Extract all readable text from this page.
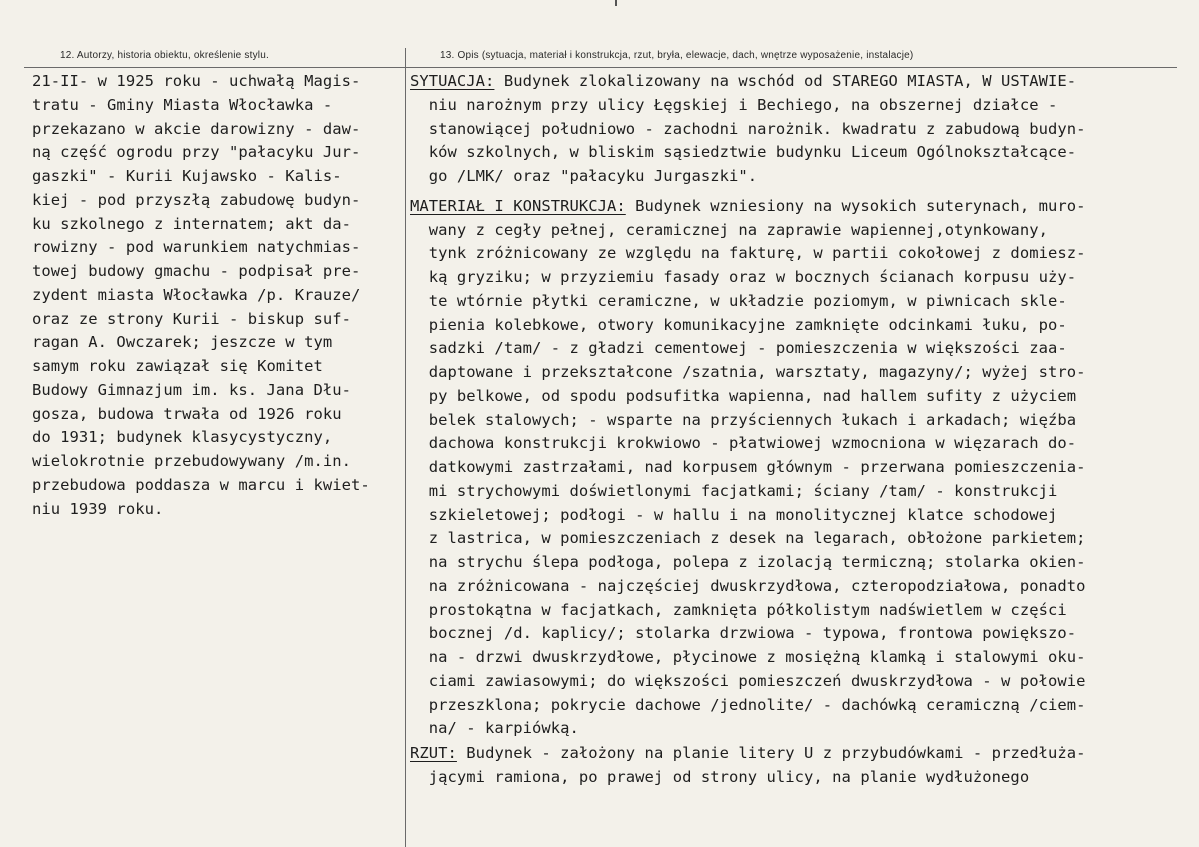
12. Autorzy, historia obiektu, określenie stylu.	13. Opis (sytuacja, materiał i konstrukcja, rzut, bryła, elewacje, dach, wnętrze wyposażenie, instalacje)
21-II- w 1925 roku - uchwałą Magis-
tratu - Gminy Miasta Włocławka -
przekazano w akcie darowizny - daw-
ną część ogrodu przy "pałacyku Jur-
gaszki" - Kurii Kujawsko - Kalis-
kiej - pod przyszłą zabudowę budyn-
ku szkolnego z internatem; akt da-
rowizny - pod warunkiem natychmias-
towej budowy gmachu - podpisał pre-
zydent miasta Włocławka /p. Krauze/
oraz ze strony Kurii - biskup suf-
ragan A. Owczarek; jeszcze w tym
samym roku zawiązał się Komitet
Budowy Gimnazjum im. ks. Jana Dłu-
gosza, budowa trwała od 1926 roku
do 1931; budynek klasycystyczny,
wielokrotnie przebudowywany /m.in.
przebudowa poddasza w marcu i kwiet-
niu 1939 roku.
SYTUACJA: Budynek zlokalizowany na wschód od STAREGO MIASTA, W USTAWIE-
niu narożnym przy ulicy Łęgskiej i Bechiego, na obszernej działce -
stanowiącej południowo - zachodni narożnik. kwadratu z zabudową budyn-
ków szkolnych, w bliskim sąsiedztwie budynku Liceum Ogólnokształcące-
go /LMK/ oraz "pałacyku Jurgaszki".
MATERIAŁ I KONSTRUKCJA: Budynek wzniesiony na wysokich suterynach, muro-
wany z cegły pełnej, ceramicznej na zaprawie wapiennej,otynkowany,
tynk zróżnicowany ze względu na fakturę, w partii cokołowej z domiesz-
ką gryziku; w przyziemiu fasady oraz w bocznych ścianach korpusu uży-
te wtórnie płytki ceramiczne, w układzie poziomym, w piwnicach skle-
pienia kolebkowe, otwory komunikacyjne zamknięte odcinkami łuku, po-
sadzki /tam/ - z gładzi cementowej - pomieszczenia w większości zaa-
daptowane i przekształcone /szatnia, warsztaty, magazyny/; wyżej stro-
py belkowe, od spodu podsufitka wapienna, nad hallem sufity z użyciem
belek stalowych; - wsparte na przyściennych łukach i arkadach; więźba
dachowa konstrukcji krokwiowo - płatwiowej wzmocniona w więzarach do-
datkowymi zastrzałami, nad korpusem głównym - przerwana pomieszczenia-
mi strychowymi doświetlonymi facjatkami; ściany /tam/ - konstrukcji
szkieletowej; podłogi - w hallu i na monolitycznej klatce schodowej
z lastrica, w pomieszczeniach z desek na legarach, obłożone parkietem;
na strychu ślepa podłoga, polepa z izolacją termiczną; stolarka okien-
na zróżnicowana - najczęściej dwuskrzydłowa, czteropodziałowa, ponadto
prostokątna w facjatkach, zamknięta półkolistym nadświetlem w części
bocznej /d. kaplicy/; stolarka drzwiowa - typowa, frontowa powiększo-
na - drzwi dwuskrzydłowe, płycinowe z mosiężną klamką i stalowymi oku-
ciami zawiasowymi; do większości pomieszczeń dwuskrzydłowa - w połowie
przeszklona; pokrycie dachowe /jednolite/ - dachówką ceramiczną /ciem-
na/ - karpiówką.
RZUT: Budynek - założony na planie litery U z przybudówkami - przedłuża-
jącymi ramiona, po prawej od strony ulicy, na planie wydłużonego
